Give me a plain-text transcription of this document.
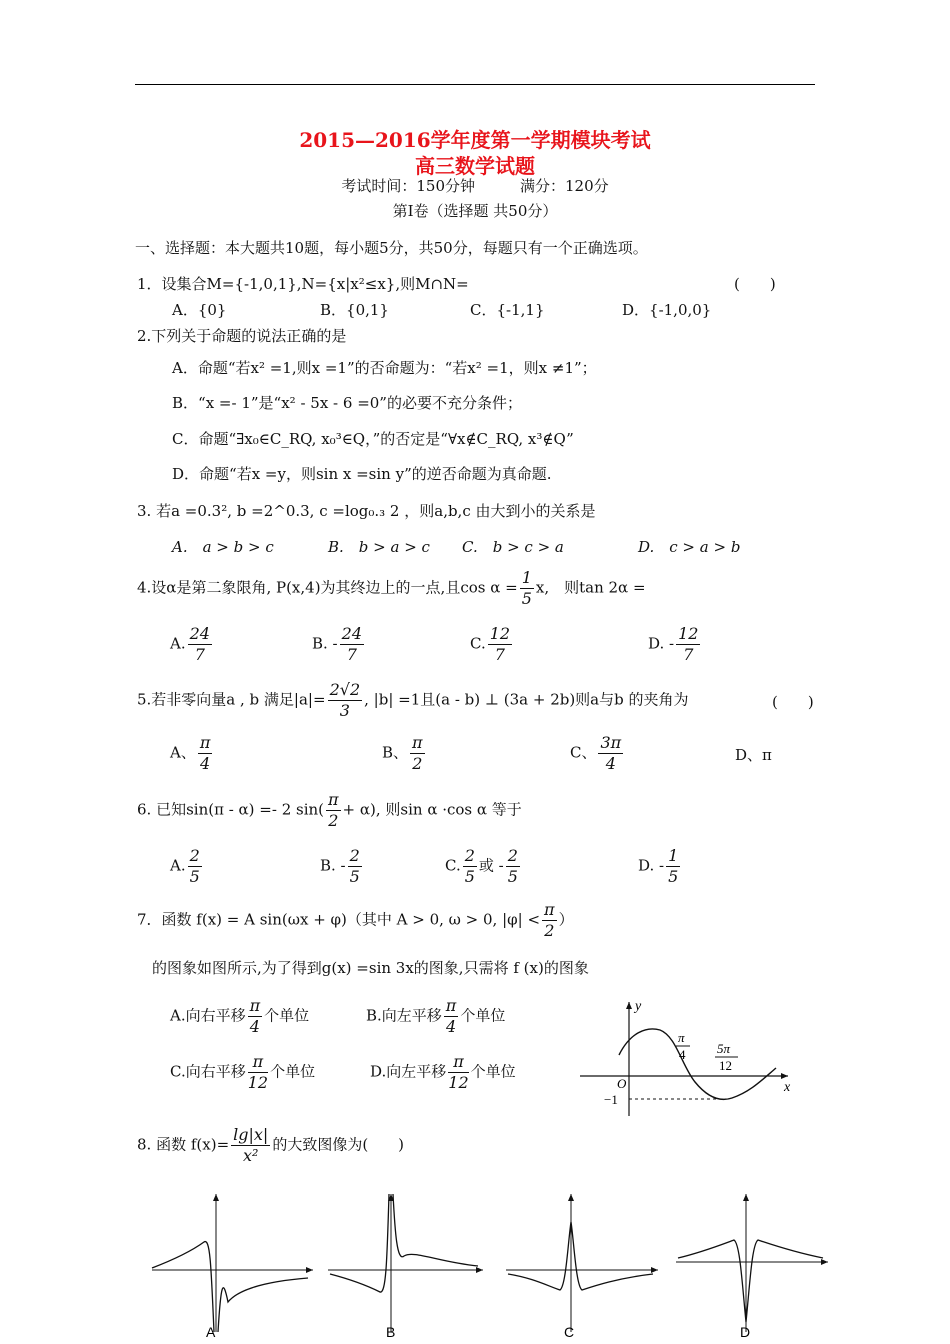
2015—2016学年度第一学期模块考试
高三数学试题
考试时间：150分钟　　　满分：120分
第Ⅰ卷（选择题 共50分）
一、选择题：本大题共10题，每小题5分，共50分，每题只有一个正确选项。
1．设集合M={-1,0,1},N={x|x²≤x},则M∩N=	(　　)
A．{0}	B．{0,1}	C．{-1,1}	D．{-1,0,0}
2.下列关于命题的说法正确的是
A．命题“若x² =1,则x =1”的否命题为：“若x² =1，则x ≠1”；
B．“x =- 1”是“x² - 5x - 6 =0”的必要不充分条件；
C．命题“∃x₀∈C_RQ, x₀³∈Q，”的否定是“∀x∉C_RQ, x³∉Q”
D．命题“若x =y，则sin x =sin y”的逆否命题为真命题.
3. 若a =0.3², b =2^0.3, c =log₀.₃ 2 ，则a,b,c 由大到小的关系是
A.　a > b > c	B.　b > a > c C.　b > c > a	D.　c > a > b
4.设α是第二象限角, P(x,4)为其终边上的一点,且$\cos \alpha = \frac{1}{5} x$,　则tan 2α =
A. $\frac{24}{7}$	B. - $\frac{24}{7}$	C. $\frac{12}{7}$	D. - $\frac{12}{7}$
5.若非零向量a , b 满足$|a|= \frac{2√2}{3}$ , |b| =1且(a - b) ⊥ (3a + 2b)则a与b 的夹角为	(　　)
A、 $\frac{\pi}{4}$	B、 $\frac{\pi}{2}$	C、 $\frac{3\pi}{4}$	D、π
6. 已知sin(π - α) =- 2 $\sin( \frac{\pi}{2} + \alpha)$, 则sin α ·cos α 等于
A. $\frac{2}{5}$	B. - $\frac{2}{5}$	C. $\frac{2}{5}$ 或 - $\frac{2}{5}$	D. - $\frac{1}{5}$
7．函数 f(x) = A sin(ωx + φ)（其中 A > 0, ω > 0, $|\varphi| < \frac{\pi}{2}$ ）
的图象如图所示,为了得到g(x) =sin 3x的图象,只需将 f (x)的图象
A.向右平移 $\frac{\pi}{4}$ 个单位	B.向左平移 $\frac{\pi}{4}$ 个单位
C.向右平移 $\frac{\pi}{12}$ 个单位	D.向左平移 $\frac{\pi}{12}$ 个单位
y
x
O
−1
π
4 5π
12
8. 函数 $f(x)= \frac{\lg|x|}{\text{x²}}$ 的大致图像为(　　)
A	B	C	D
